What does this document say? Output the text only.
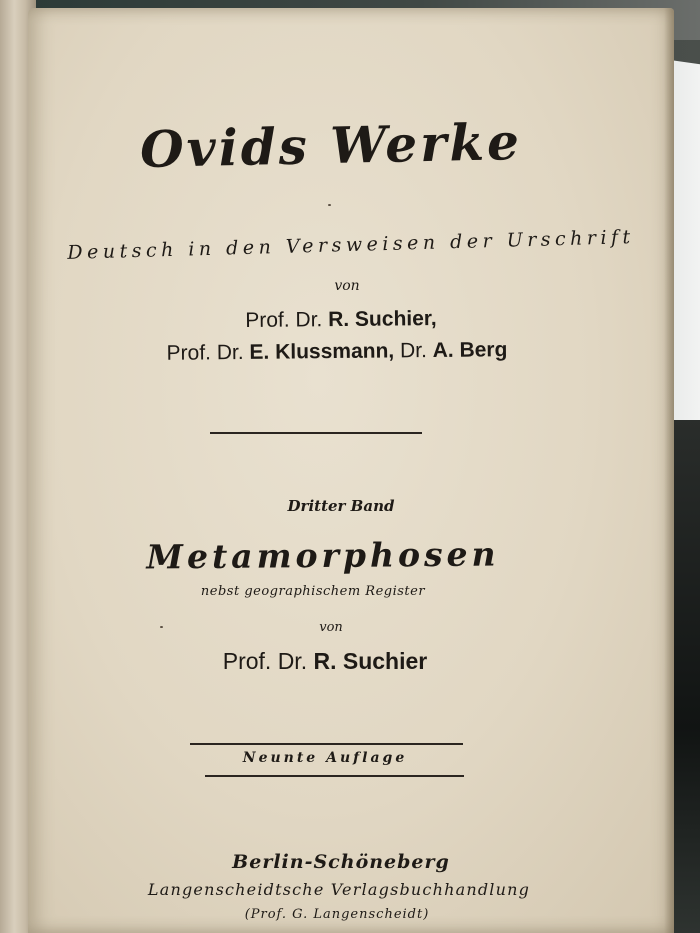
Ovids Werke
Deutsch in den Versweisen der Urschrift
von
Prof. Dr. R. Suchier,
Prof. Dr. E. Klussmann, Dr. A. Berg
Dritter Band
Metamorphosen
nebst geographischem Register
von
Prof. Dr. R. Suchier
Neunte Auflage
Berlin-Schöneberg
Langenscheidtsche Verlagsbuchhandlung
(Prof. G. Langenscheidt)
